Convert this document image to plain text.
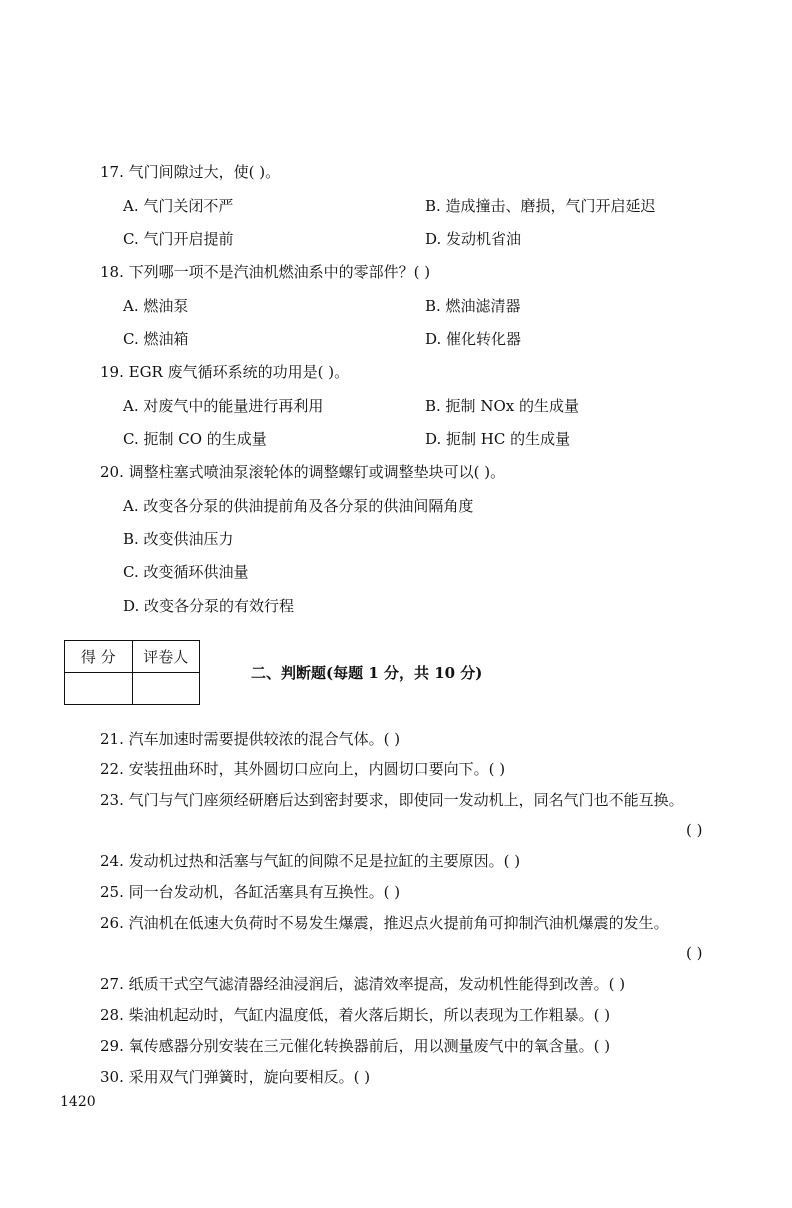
17. 气门间隙过大，使( )。
A. 气门关闭不严	B. 造成撞击、磨损，气门开启延迟
C. 气门开启提前	D. 发动机省油
18. 下列哪一项不是汽油机燃油系中的零部件？( )
A. 燃油泵	B. 燃油滤清器
C. 燃油箱	D. 催化转化器
19. EGR 废气循环系统的功用是( )。
A. 对废气中的能量进行再利用	B. 扼制 NOx 的生成量
C. 扼制 CO 的生成量	D. 扼制 HC 的生成量
20. 调整柱塞式喷油泵滚轮体的调整螺钉或调整垫块可以( )。
A. 改变各分泵的供油提前角及各分泵的供油间隔角度
B. 改变供油压力
C. 改变循环供油量
D. 改变各分泵的有效行程
得 分	评卷人

二、判断题(每题 1 分，共 10 分)
21. 汽车加速时需要提供较浓的混合气体。( )
22. 安装扭曲环时，其外圆切口应向上，内圆切口要向下。( )
23. 气门与气门座须经研磨后达到密封要求，即使同一发动机上，同名气门也不能互换。
( )
24. 发动机过热和活塞与气缸的间隙不足是拉缸的主要原因。( )
25. 同一台发动机，各缸活塞具有互换性。( )
26. 汽油机在低速大负荷时不易发生爆震，推迟点火提前角可抑制汽油机爆震的发生。
( )
27. 纸质干式空气滤清器经油浸润后，滤清效率提高，发动机性能得到改善。( )
28. 柴油机起动时，气缸内温度低，着火落后期长，所以表现为工作粗暴。( )
29. 氧传感器分别安装在三元催化转换器前后，用以测量废气中的氧含量。( )
30. 采用双气门弹簧时，旋向要相反。( )
1420
